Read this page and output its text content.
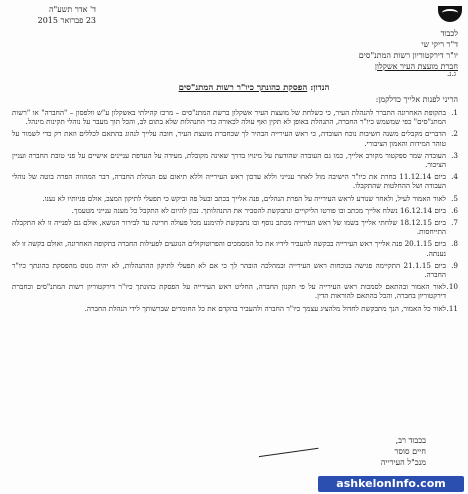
ד' אדר תשע"ה
23 פברואר 2015
לכבוד
ד"ר ריקי שי
יו"ר דירקטוריון רשות המתנ"סים
חברת מועצת העיר אשקלון
ג.נ.
הנדון: הפסקת כהונתך כיו"ר רשות המתנ"סים
הריני לפנות אלייך כדלקמן:
1.
בתקופת האחרונה התברר להנהלת העיר, כי כשלחת של מועצת העיר אשקלון ברשת המתנ"סים – מרכז קהילתי באשקלון ע"ש וולפסון – "החברה" או "רשות המתנ"סים" כפי שמשמש כיו"ר החברה, התנהלת באופן לא תקין ואף עולה לכאורה כדי התנהלות שלא בתום לב, והכל תוך מעבר על נוהלי תקינות מינהל.
2.
הדברים מקבלים משנה חשיבות נוכח העובדה, כי ראש העירייה הבהיר לך שכחברת מועצת העיר, חובה עלייך לנהוג בהתאם לכללים וזאת רק כדי לשמור על טוהר המידות והאמון הציבורי.
3.
העובדה שמר ספקטור מקורב אלייך, כמו גם העובדה שהודעת על מינויו בדרך שאינה מקובלת, מעידה על העדפת עניינים אישיים על פני טובת החברה ועניין הציבור.
4.
ביום 11.12.14 בחרת את כיו"ר הישיבה מול לאחר ענייני וללא עדכון ראש העירייה וללא תיאום עם הנהלת החברה, דבר המהווה הפרה בוטה של נוהלי העבודה ושל ההחלטות שהתקבלו.
5.
לאור האמור לעיל, ולאחר שנודע לראש העירייה על הפרת הנהלים, פנה אלייך בכתב ובעל פה וביקש כי תפעלי לתיקון המצב, אולם פניותיו לא נענו.
6.
ביום 16.12.14 נשלח אלייך מכתב ובו פורטו הליקויים ונתבקשת להסביר את התנהלותך. נכון להיום לא התקבל כל מענה ענייני מטעמך.
7.
ביום 18.12.15 שלחתי אלייך בשמו של ראש העירייה מכתב נוסף ובו נתבקשת להימנע מכל פעולה חריגה עד לבירור הנושא, אולם גם לפנייה זו לא התקבלה התייחסות.
8.
ביום 20.1.15 פנה אלייך ראש העירייה בבקשה להעביר לידיו את כל המסמכים והפרוטוקולים הנוגעים לפעילות החברה בתקופה האחרונה, ואולם בקשה זו לא נענתה.
9.
ביום 21.1.15 התקיימה פגישה בנוכחות ראש העירייה ובמהלכה הובהר לך כי אם לא תפעלי לתיקון ההתנהלות, לא יהיה מנוס מהפסקת כהונתך כיו"ר החברה.
10.
לאור האמור ובהתאם לסמכות ראש העירייה על פי תקנון החברה, החליט ראש העירייה על הפסקת כהונתך כיו"ר דירקטוריון רשות המתנ"סים וכחברת דירקטוריון בחברה, והכל בהתאם להוראות הדין.
11.
לאור כל האמור, הנך מתבקשת לחדול מלהציג עצמך כיו"ר החברה ולהעביר בהקדם את כל החומרים שברשותך לידי הנהלת החברה.
בכבוד רב,
חיים סוסר
מנכ"ל העירייה
ashkelonInfo.com
